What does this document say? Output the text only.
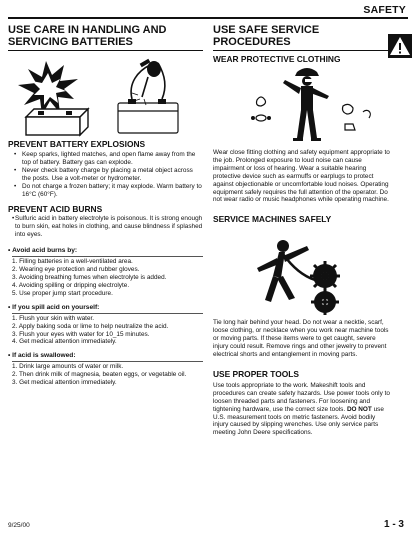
SAFETY
USE CARE IN HANDLING AND SERVICING BATTERIES
PREVENT BATTERY EXPLOSIONS
• Keep sparks, lighted matches, and open flame away from the top of battery. Battery gas can explode.
• Never check battery charge by placing a metal object across the posts. Use a volt-meter or hydrometer.
• Do not charge a frozen battery; it may explode. Warm battery to 16°C (60°F).
PREVENT ACID BURNS
• Sulfuric acid in battery electrolyte is poisonous. It is strong enough to burn skin, eat holes in clothing, and cause blindness if splashed into eyes.
• Avoid acid burns by:
1. Filling batteries in a well-ventilated area.
2. Wearing eye protection and rubber gloves.
3. Avoiding breathing fumes when electrolyte is added.
4. Avoiding spilling or dripping electrolyte.
5. Use proper jump start procedure.
• If you spill acid on yourself:
1. Flush your skin with water.
2. Apply baking soda or lime to help neutralize the acid.
3. Flush your eyes with water for 10_15 minutes.
4. Get medical attention immediately.
• If acid is swallowed:
1. Drink large amounts of water or milk.
2. Then drink milk of magnesia, beaten eggs, or vegetable oil.
3. Get medical attention immediately.
USE SAFE SERVICE PROCEDURES
WEAR PROTECTIVE CLOTHING

Wear close fitting clothing and safety equipment appropriate to the job. Prolonged exposure to loud noise can cause impairment or loss of hearing. Wear a suitable hearing protective device such as earmuffs or earplugs to protect against objectionable or uncomfortable loud noises. Operating equipment safely requires the full attention of the operator. Do not wear radio or music headphones while operating machine.

SERVICE MACHINES SAFELY

Tie long hair behind your head. Do not wear a necktie, scarf, loose clothing, or necklace when you work near machine tools or moving parts. If these items were to get caught, severe injury could result. Remove rings and other jewelry to prevent electrical shorts and entanglement in moving parts.

USE PROPER TOOLS

Use tools appropriate to the work. Makeshift tools and procedures can create safety hazards. Use power tools only to loosen threaded parts and fasteners. For loosening and tightening hardware, use the correct size tools. DO NOT use U.S. measurement tools on metric fasteners. Avoid bodily injury caused by slipping wrenches. Use only service parts meeting John Deere specifications.

9/25/00	1 - 3
